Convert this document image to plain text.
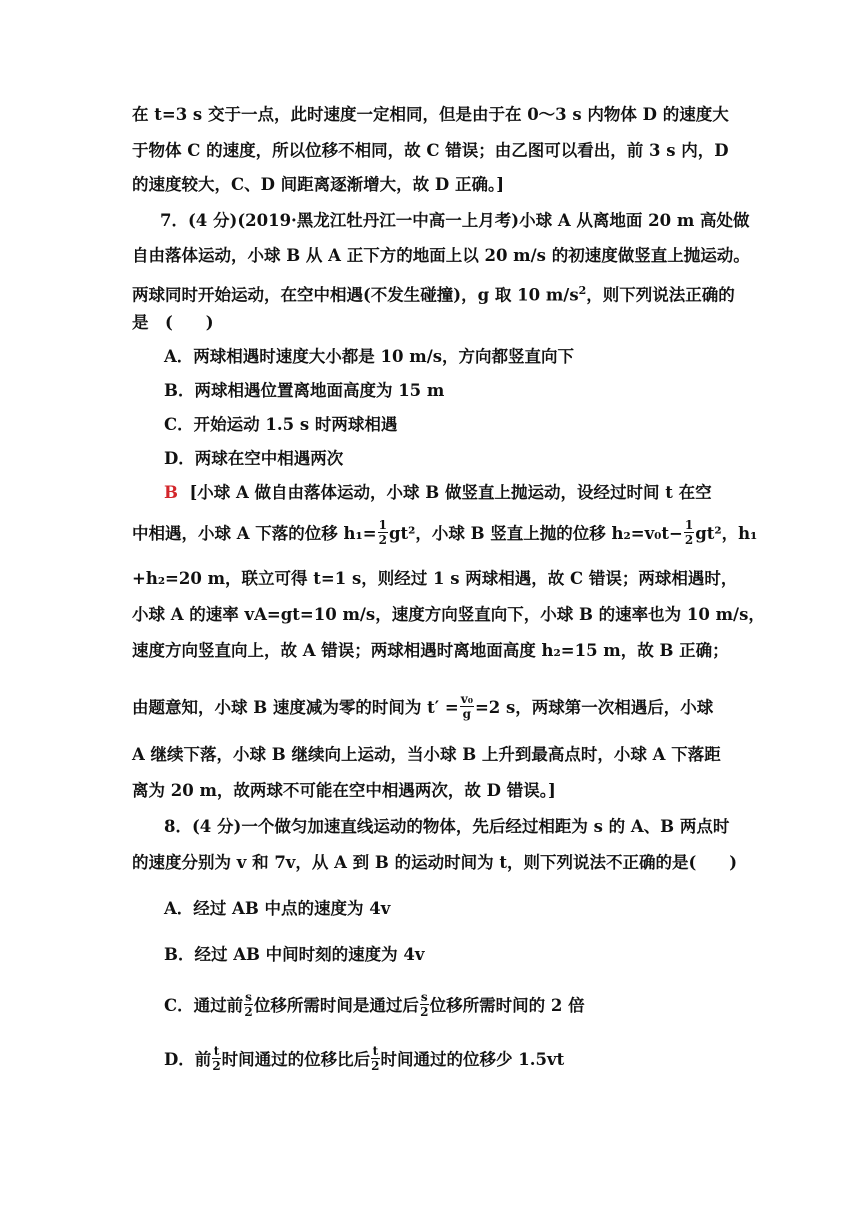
在 t=3 s 交于一点，此时速度一定相同，但是由于在 0～3 s 内物体 D 的速度大
于物体 C 的速度，所以位移不相同，故 C 错误；由乙图可以看出，前 3 s 内，D
的速度较大，C、D 间距离逐渐增大，故 D 正确。]
7．(4 分)(2019·黑龙江牡丹江一中高一上月考)小球 A 从离地面 20 m 高处做
自由落体运动，小球 B 从 A 正下方的地面上以 20 m/s 的初速度做竖直上抛运动。
两球同时开始运动，在空中相遇(不发生碰撞)，g 取 10 $m/s^2$，则下列说法正确的
是　(　　)
A．两球相遇时速度大小都是 10 m/s，方向都竖直向下
B．两球相遇位置离地面高度为 15 m
C．开始运动 1.5 s 时两球相遇
D．两球在空中相遇两次
B [小球 A 做自由落体运动，小球 B 做竖直上抛运动，设经过时间 t 在空
中相遇，小球 A 下落的位移 $h_1= \frac{1}{2} gt^2$，小球 B 竖直上抛的位移 $h_2=v_0t- \frac{1}{2} gt^2$，h₁
+h₂=20 m，联立可得 t=1 s，则经过 1 s 两球相遇，故 C 错误；两球相遇时，
小球 A 的速率 vA=gt=10 m/s，速度方向竖直向下，小球 B 的速率也为 10 m/s，
速度方向竖直向上，故 A 错误；两球相遇时离地面高度 h₂=15 m，故 B 正确；
由题意知，小球 B 速度减为零的时间为 $t' = \frac{\text{v₀}}{g} =2$ s，两球第一次相遇后，小球
A 继续下落，小球 B 继续向上运动，当小球 B 上升到最高点时，小球 A 下落距
离为 20 m，故两球不可能在空中相遇两次，故 D 错误。]
8．(4 分)一个做匀加速直线运动的物体，先后经过相距为 s 的 A、B 两点时
的速度分别为 v 和 7v，从 A 到 B 的运动时间为 t，则下列说法不正确的是(　　)
A．经过 AB 中点的速度为 4v
B．经过 AB 中间时刻的速度为 4v
C．通过前 $\frac{s}{2}$ 位移所需时间是通过后 $\frac{s}{2}$ 位移所需时间的 2 倍
D．前 $\frac{t}{2}$ 时间通过的位移比后 $\frac{t}{2}$ 时间通过的位移少 1.5vt
